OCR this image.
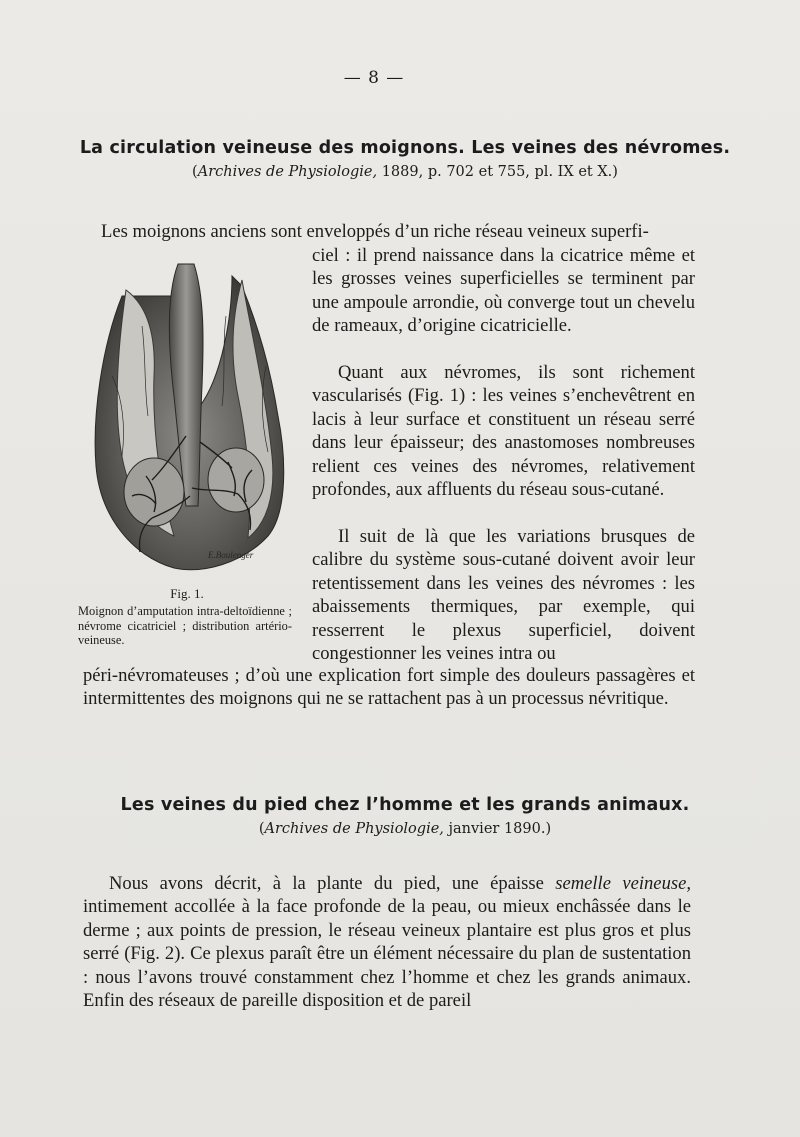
— 8 —
La circulation veineuse des moignons. Les veines des névromes.
(Archives de Physiologie, 1889, p. 702 et 755, pl. IX et X.)

Les moignons anciens sont enveloppés d’un riche réseau veineux superfi-

ciel : il prend naissance dans la cicatrice même et les grosses veines superficielles se terminent par une ampoule arrondie, où converge tout un chevelu de rameaux, d’origine cicatricielle.

Quant aux névromes, ils sont richement vascularisés (Fig. 1) : les veines s’enchevêtrent en lacis à leur surface et constituent un réseau serré dans leur épaisseur; des anastomoses nombreuses relient ces veines des névromes, relativement profondes, aux affluents du réseau sous-cutané.

Il suit de là que les variations brusques de calibre du système sous-cutané doivent avoir leur retentissement dans les veines des névromes : les abaissements thermiques, par exemple, qui resserrent le plexus superficiel, doivent congestionner les veines intra ou

péri-névromateuses ; d’où une explication fort simple des douleurs passagères et intermittentes des moignons qui ne se rattachent pas à un processus névritique.

E.Boulenger
Fig. 1.

Moignon d’amputation intra-deltoïdienne ; névrome cicatriciel ; distribution artério-veineuse.

Les veines du pied chez l’homme et les grands animaux.
(Archives de Physiologie, janvier 1890.)

Nous avons décrit, à la plante du pied, une épaisse semelle veineuse, intimement accollée à la face profonde de la peau, ou mieux enchâssée dans le derme ; aux points de pression, le réseau veineux plantaire est plus gros et plus serré (Fig. 2). Ce plexus paraît être un élément nécessaire du plan de sustentation : nous l’avons trouvé constamment chez l’homme et chez les grands animaux. Enfin des réseaux de pareille disposition et de pareil
